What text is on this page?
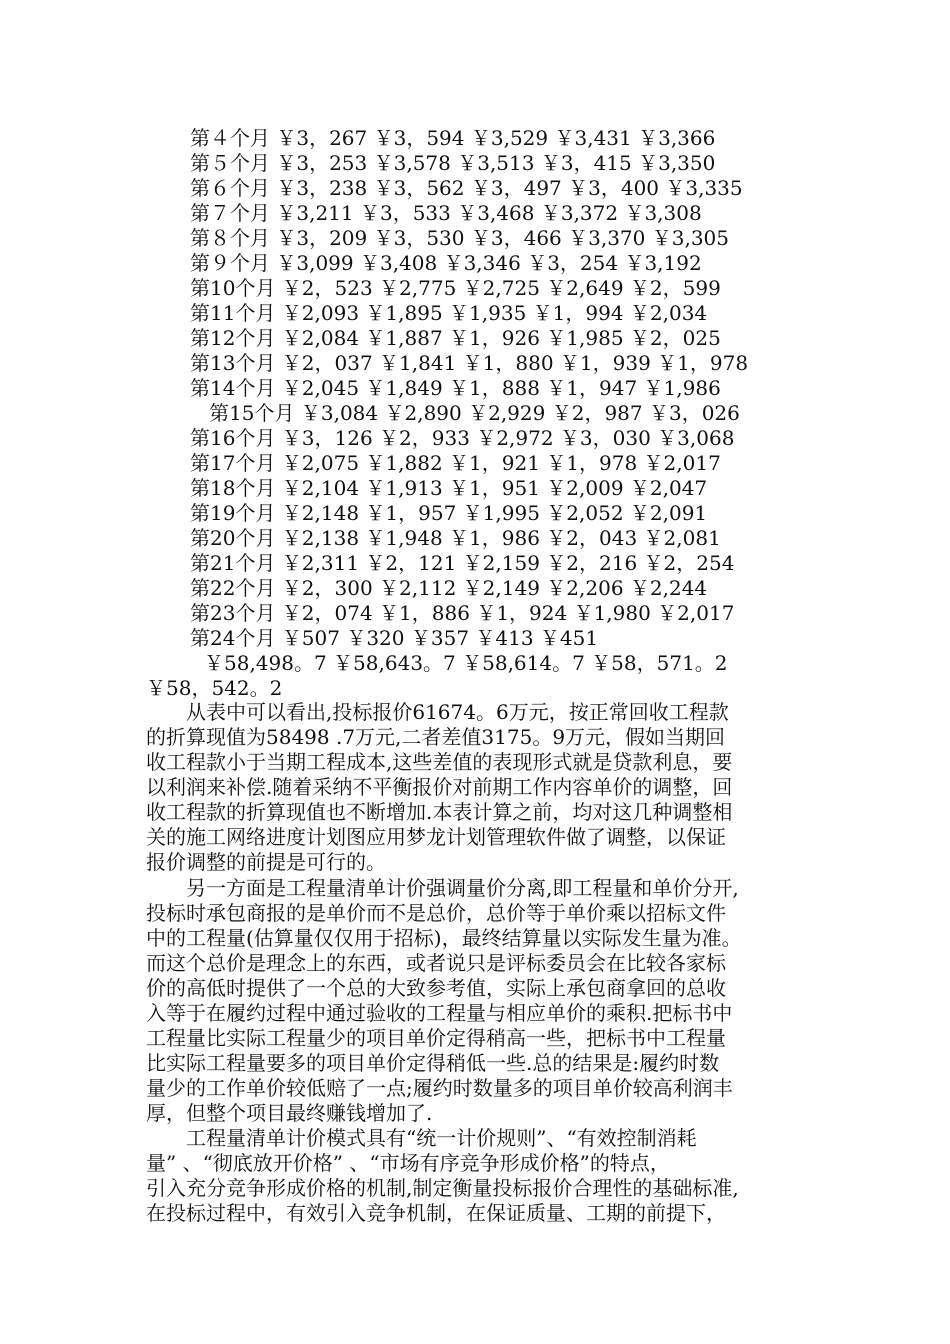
第４个月 ￥3，267 ￥3，594 ￥3,529 ￥3,431 ￥3,366
第５个月 ￥3，253 ￥3,578 ￥3,513 ￥3，415 ￥3,350
第６个月 ￥3，238 ￥3，562 ￥3，497 ￥3，400 ￥3,335
第７个月 ￥3,211 ￥3，533 ￥3,468 ￥3,372 ￥3,308
第８个月 ￥3，209 ￥3，530 ￥3，466 ￥3,370 ￥3,305
第９个月 ￥3,099 ￥3,408 ￥3,346 ￥3，254 ￥3,192
第10个月 ￥2，523 ￥2,775 ￥2,725 ￥2,649 ￥2，599
第11个月 ￥2,093 ￥1,895 ￥1,935 ￥1，994 ￥2,034
第12个月 ￥2,084 ￥1,887 ￥1，926 ￥1,985 ￥2，025
第13个月 ￥2，037 ￥1,841 ￥1，880 ￥1，939 ￥1，978
第14个月 ￥2,045 ￥1,849 ￥1，888 ￥1，947 ￥1,986
第15个月 ￥3,084 ￥2,890 ￥2,929 ￥2，987 ￥3，026
第16个月 ￥3，126 ￥2，933 ￥2,972 ￥3，030 ￥3,068
第17个月 ￥2,075 ￥1,882 ￥1，921 ￥1，978 ￥2,017
第18个月 ￥2,104 ￥1,913 ￥1，951 ￥2,009 ￥2,047
第19个月 ￥2,148 ￥1，957 ￥1,995 ￥2,052 ￥2,091
第20个月 ￥2,138 ￥1,948 ￥1，986 ￥2，043 ￥2,081
第21个月 ￥2,311 ￥2，121 ￥2,159 ￥2，216 ￥2，254
第22个月 ￥2，300 ￥2,112 ￥2,149 ￥2,206 ￥2,244
第23个月 ￥2，074 ￥1，886 ￥1，924 ￥1,980 ￥2,017
第24个月 ￥507 ￥320 ￥357 ￥413 ￥451
￥58,498。7 ￥58,643。7 ￥58,614。7 ￥58，571。2
￥58，542。2
　　从表中可以看出,投标报价61674。6万元，按正常回收工程款
的折算现值为58498 .7万元,二者差值3175。9万元，假如当期回
收工程款小于当期工程成本,这些差值的表现形式就是贷款利息，要
以利润来补偿.随着采纳不平衡报价对前期工作内容单价的调整，回
收工程款的折算现值也不断增加.本表计算之前，均对这几种调整相
关的施工网络进度计划图应用梦龙计划管理软件做了调整，以保证
报价调整的前提是可行的。
　　另一方面是工程量清单计价强调量价分离,即工程量和单价分开,
投标时承包商报的是单价而不是总价，总价等于单价乘以招标文件
中的工程量(估算量仅仅用于招标)，最终结算量以实际发生量为准。
而这个总价是理念上的东西，或者说只是评标委员会在比较各家标
价的高低时提供了一个总的大致参考值，实际上承包商拿回的总收
入等于在履约过程中通过验收的工程量与相应单价的乘积.把标书中
工程量比实际工程量少的项目单价定得稍高一些，把标书中工程量
比实际工程量要多的项目单价定得稍低一些.总的结果是:履约时数
量少的工作单价较低赔了一点;履约时数量多的项目单价较高利润丰
厚，但整个项目最终赚钱增加了.
　　工程量清单计价模式具有“统一计价规则”、“有效控制消耗
量” 、“彻底放开价格” 、“市场有序竞争形成价格”的特点，
引入充分竞争形成价格的机制,制定衡量投标报价合理性的基础标准,
在投标过程中，有效引入竞争机制，在保证质量、工期的前提下，
